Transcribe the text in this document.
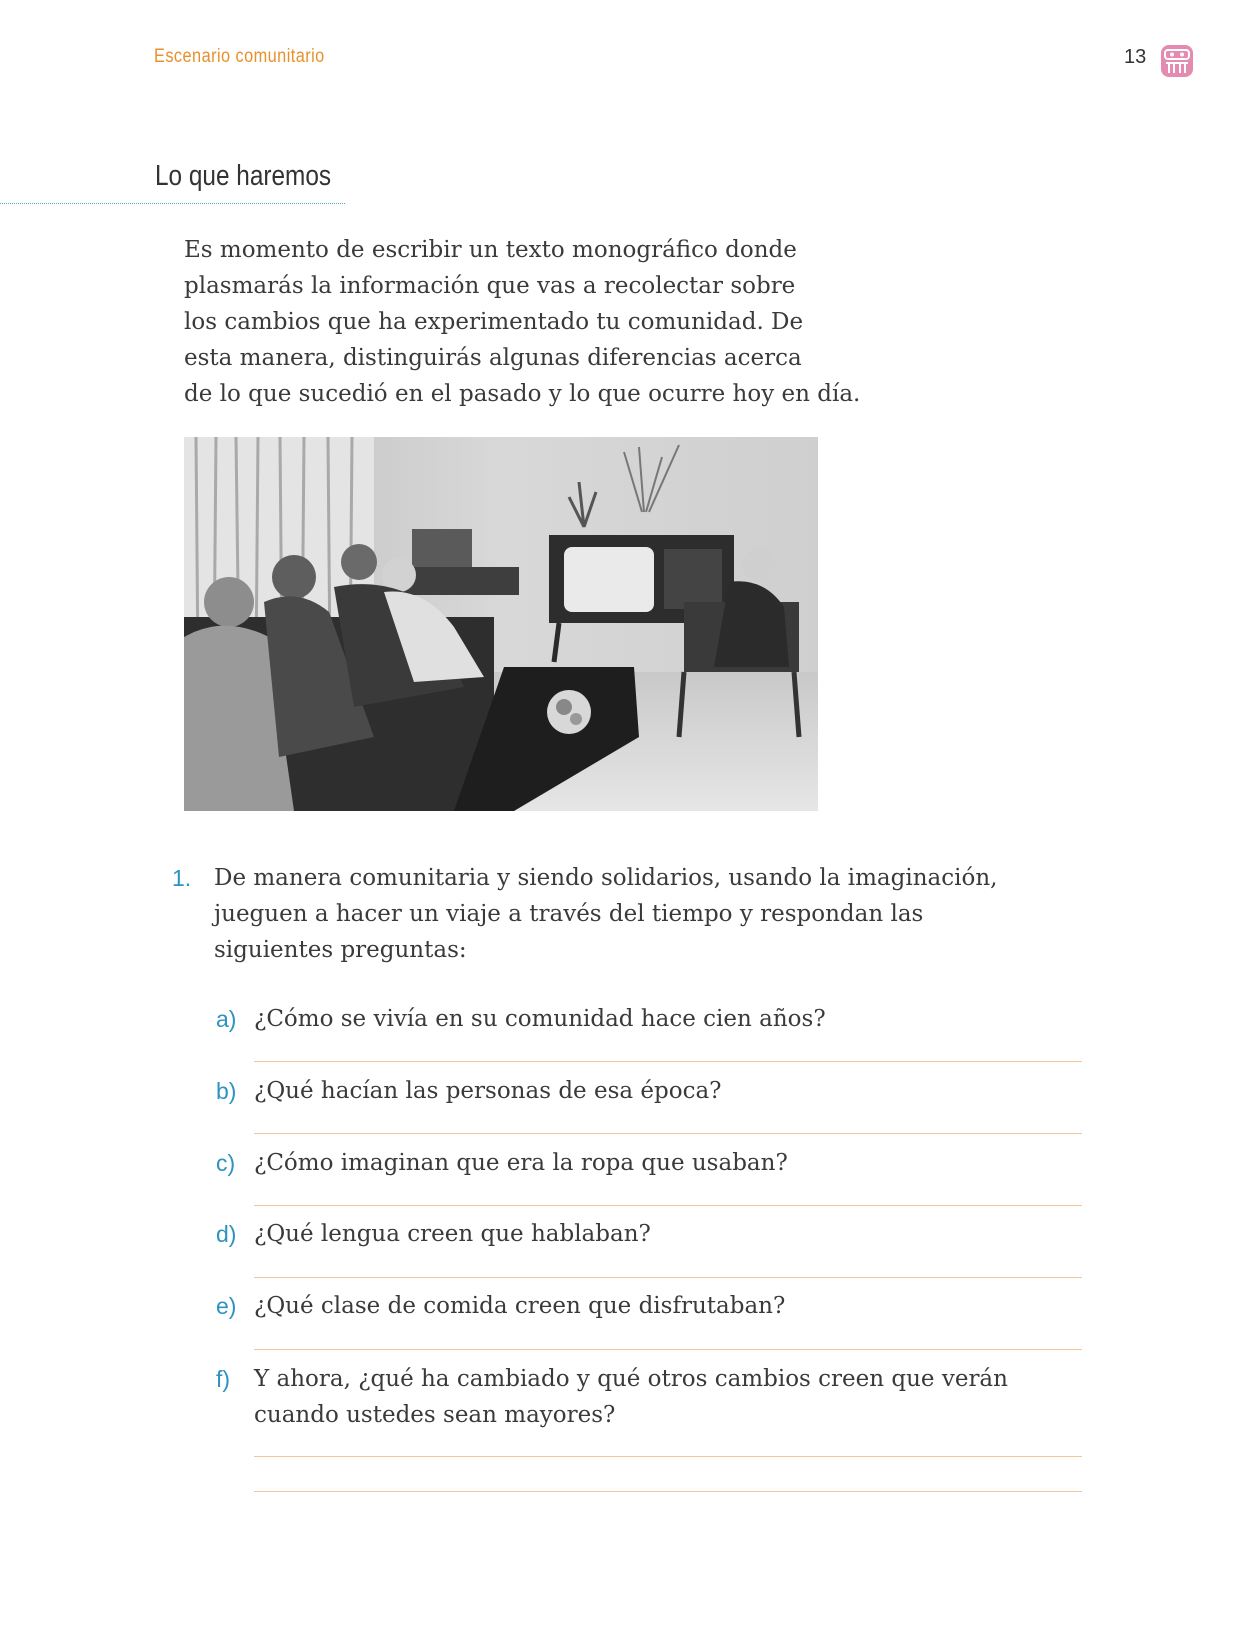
Escenario comunitario	13
Lo que haremos
Es momento de escribir un texto monográfico donde
plasmarás la información que vas a recolectar sobre
los cambios que ha experimentado tu comunidad. De
esta manera, distinguirás algunas diferencias acerca
de lo que sucedió en el pasado y lo que ocurre hoy en día.
1. De manera comunitaria y siendo solidarios, usando la imaginación,
jueguen a hacer un viaje a través del tiempo y respondan las
siguientes preguntas:
a) ¿Cómo se vivía en su comunidad hace cien años?
b) ¿Qué hacían las personas de esa época?
c) ¿Cómo imaginan que era la ropa que usaban?
d) ¿Qué lengua creen que hablaban?
e) ¿Qué clase de comida creen que disfrutaban?
f) Y ahora, ¿qué ha cambiado y qué otros cambios creen que verán
cuando ustedes sean mayores?
